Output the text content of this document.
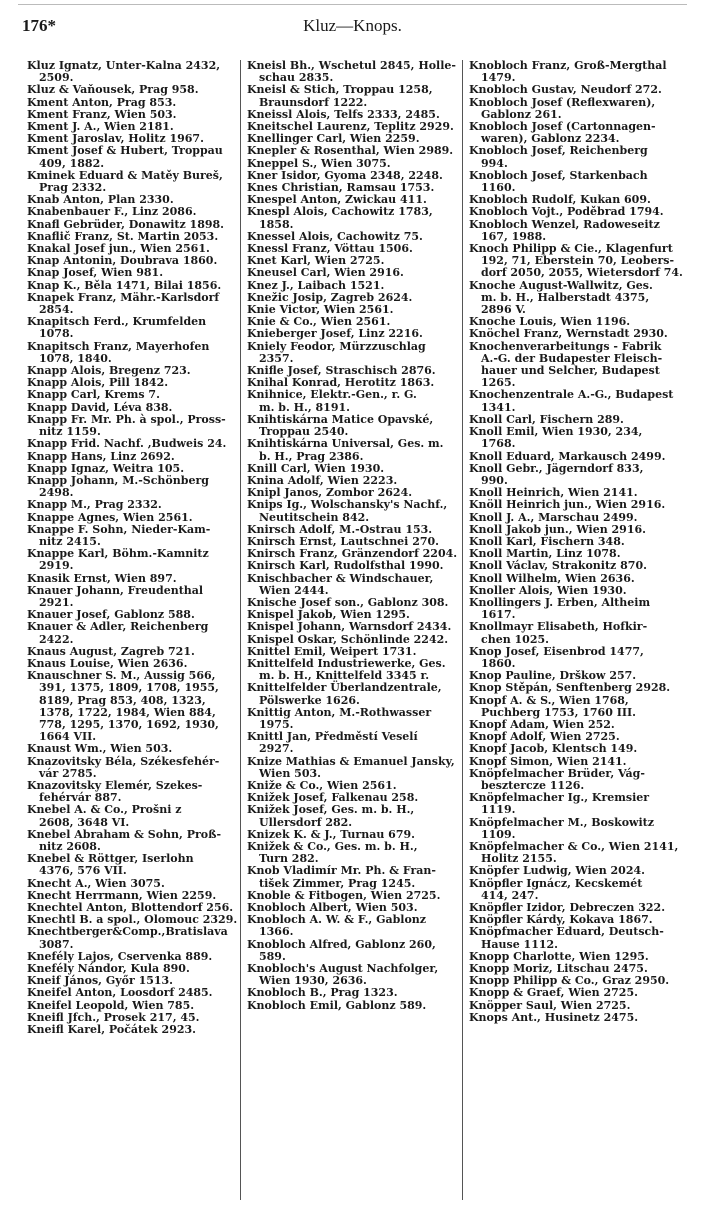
176*	Kluz—Knops.
Kluz Ignatz, Unter-Kalna 2432,
2509.
Kluz & Vaňousek, Prag 958.
Kment Anton, Prag 853.
Kment Franz, Wien 503.
Kment J. A., Wien 2181.
Kment Jaroslav, Holitz 1967.
Kment Josef & Hubert, Troppau
409, 1882.
Kminek Eduard & Matěy Bureš,
Prag 2332.
Knab Anton, Plan 2330.
Knabenbauer F., Linz 2086.
Knafl Gebrüder, Donawitz 1898.
Knaflič Franz, St. Martin 2053.
Knakal Josef jun., Wien 2561.
Knap Antonin, Doubrava 1860.
Knap Josef, Wien 981.
Knap K., Běla 1471, Bilai 1856.
Knapek Franz, Mähr.-Karlsdorf
2854.
Knapitsch Ferd., Krumfelden
1078.
Knapitsch Franz, Mayerhofen
1078, 1840.
Knapp Alois, Bregenz 723.
Knapp Alois, Pill 1842.
Knapp Carl, Krems 7.
Knapp David, Léva 838.
Knapp Fr. Mr. Ph. à spol., Pross-
nitz 1159.
Knapp Frid. Nachf. ,Budweis 24.
Knapp Hans, Linz 2692.
Knapp Ignaz, Weitra 105.
Knapp Johann, M.-Schönberg
2498.
Knapp M., Prag 2332.
Knappe Agnes, Wien 2561.
Knappe F. Sohn, Nieder-Kam-
nitz 2415.
Knappe Karl, Böhm.-Kamnitz
2919.
Knasik Ernst, Wien 897.
Knauer Johann, Freudenthal
2921.
Knauer Josef, Gablonz 588.
Knauer & Adler, Reichenberg
2422.
Knaus August, Zagreb 721.
Knaus Louise, Wien 2636.
Knauschner S. M., Aussig 566,
391, 1375, 1809, 1708, 1955,
8189, Prag 853, 408, 1323,
1378, 1722, 1984, Wien 884,
778, 1295, 1370, 1692, 1930,
1664 VII.
Knaust Wm., Wien 503.
Knazovitsky Béla, Székesfehér-
vár 2785.
Knazovitsky Elemér, Szekes-
fehérvár 887.
Knebel A. & Co., Prošni z
2608, 3648 VI.
Knebel Abraham & Sohn, Proß-
nitz 2608.
Knebel & Röttger, Iserlohn
4376, 576 VII.
Knecht A., Wien 3075.
Knecht Herrmann, Wien 2259.
Knechtel Anton, Blottendorf 256.
Knechtl B. a spol., Olomouc 2329.
Knechtberger&Comp.,Bratislava
3087.
Knefély Lajos, Cservenka 889.
Knefély Nándor, Kula 890.
Kneif János, Győr 1513.
Kneifel Anton, Loosdorf 2485.
Kneifel Leopold, Wien 785.
Kneifl Jfch., Prosek 217, 45.
Kneifl Karel, Počátek 2923.
Kneisl Bh., Wschetul 2845, Holle-
schau 2835.
Kneisl & Stich, Troppau 1258,
Braunsdorf 1222.
Kneissl Alois, Telfs 2333, 2485.
Kneitschel Laurenz, Teplitz 2929.
Knellinger Carl, Wien 2259.
Knepler & Rosenthal, Wien 2989.
Kneppel S., Wien 3075.
Kner Isidor, Gyoma 2348, 2248.
Knes Christian, Ramsau 1753.
Knespel Anton, Zwickau 411.
Knespl Alois, Cachowitz 1783,
1858.
Knessel Alois, Cachowitz 75.
Knessl Franz, Vöttau 1506.
Knet Karl, Wien 2725.
Kneusel Carl, Wien 2916.
Knez J., Laibach 1521.
Knežic Josip, Zagreb 2624.
Knie Victor, Wien 2561.
Knie & Co., Wien 2561.
Knieberger Josef, Linz 2216.
Kniely Feodor, Mürzzuschlag
2357.
Knifle Josef, Straschisch 2876.
Knihal Konrad, Herotitz 1863.
Knihnice, Elektr.-Gen., r. G.
m. b. H., 8191.
Knihtiskárna Matice Opavské,
Troppau 2540.
Knihtiskárna Universal, Ges. m.
b. H., Prag 2386.
Knill Carl, Wien 1930.
Knina Adolf, Wien 2223.
Knipl Janos, Zombor 2624.
Knips Ig., Wolschansky's Nachf.,
Neutitschein 842.
Knirsch Adolf, M.-Ostrau 153.
Knirsch Ernst, Lautschnei 270.
Knirsch Franz, Gränzendorf 2204.
Knirsch Karl, Rudolfsthal 1990.
Knischbacher & Windschauer,
Wien 2444.
Knische Josef son., Gablonz 308.
Knispel Jakob, Wien 1295.
Knispel Johann, Warnsdorf 2434.
Knispel Oskar, Schönlinde 2242.
Knittel Emil, Weipert 1731.
Knittelfeld Industriewerke, Ges.
m. b. H., Knittelfeld 3345 r.
Knittelfelder Überlandzentrale,
Pölswerke 1626.
Knittig Anton, M.-Rothwasser
1975.
Knittl Jan, Předměstí Veselí
2927.
Knize Mathias & Emanuel Jansky,
Wien 503.
Kniže & Co., Wien 2561.
Knižek Josef, Falkenau 258.
Knižek Josef, Ges. m. b. H.,
Ullersdorf 282.
Knizek K. & J., Turnau 679.
Knižek & Co., Ges. m. b. H.,
Turn 282.
Knob Vladimír Mr. Ph. & Fran-
tišek Zimmer, Prag 1245.
Knoble & Fitbogen, Wien 2725.
Knobloch Albert, Wien 503.
Knobloch A. W. & F., Gablonz
1366.
Knobloch Alfred, Gablonz 260,
589.
Knobloch's August Nachfolger,
Wien 1930, 2636.
Knobloch B., Prag 1323.
Knobloch Emil, Gablonz 589.
Knobloch Franz, Groß-Mergthal
1479.
Knobloch Gustav, Neudorf 272.
Knobloch Josef (Reflexwaren),
Gablonz 261.
Knobloch Josef (Cartonnagen-
waren), Gablonz 2234.
Knobloch Josef, Reichenberg
994.
Knobloch Josef, Starkenbach
1160.
Knobloch Rudolf, Kukan 609.
Knobloch Vojt., Poděbrad 1794.
Knobloch Wenzel, Radoweseitz
167, 1988.
Knoch Philipp & Cie., Klagenfurt
192, 71, Eberstein 70, Leobers-
dorf 2050, 2055, Wietersdorf 74.
Knoche August-Wallwitz, Ges.
m. b. H., Halberstadt 4375,
2896 V.
Knoche Louis, Wien 1196.
Knöchel Franz, Wernstadt 2930.
Knochenverarbeitungs - Fabrik
A.-G. der Budapester Fleisch-
hauer und Selcher, Budapest
1265.
Knochenzentrale A.-G., Budapest
1341.
Knoll Carl, Fischern 289.
Knoll Emil, Wien 1930, 234,
1768.
Knoll Eduard, Markausch 2499.
Knoll Gebr., Jägerndorf 833,
990.
Knoll Heinrich, Wien 2141.
Knöll Heinrich jun., Wien 2916.
Knoll J. A., Marschau 2499.
Knoll Jakob jun., Wien 2916.
Knoll Karl, Fischern 348.
Knoll Martin, Linz 1078.
Knoll Václav, Strakonitz 870.
Knoll Wilhelm, Wien 2636.
Knoller Alois, Wien 1930.
Knollingers J. Erben, Altheim
1617.
Knollmayr Elisabeth, Hofkir-
chen 1025.
Knop Josef, Eisenbrod 1477,
1860.
Knop Pauline, Drškow 257.
Knop Stěpán, Senftenberg 2928.
Knopf A. & S., Wien 1768,
Puchberg 1753, 1760 III.
Knopf Adam, Wien 252.
Knopf Adolf, Wien 2725.
Knopf Jacob, Klentsch 149.
Knopf Simon, Wien 2141.
Knöpfelmacher Brüder, Vág-
besztercze 1126.
Knöpfelmacher Ig., Kremsier
1119.
Knöpfelmacher M., Boskowitz
1109.
Knöpfelmacher & Co., Wien 2141,
Holitz 2155.
Knöpfer Ludwig, Wien 2024.
Knöpfler Ignácz, Kecskemét
414, 247.
Knöpfler Izidor, Debreczen 322.
Knöpfler Kárdy, Kokava 1867.
Knöpfmacher Eduard, Deutsch-
Hause 1112.
Knopp Charlotte, Wien 1295.
Knopp Moriz, Litschau 2475.
Knopp Philipp & Co., Graz 2950.
Knopp & Graef, Wien 2725.
Knöpper Saul, Wien 2725.
Knops Ant., Husinetz 2475.
